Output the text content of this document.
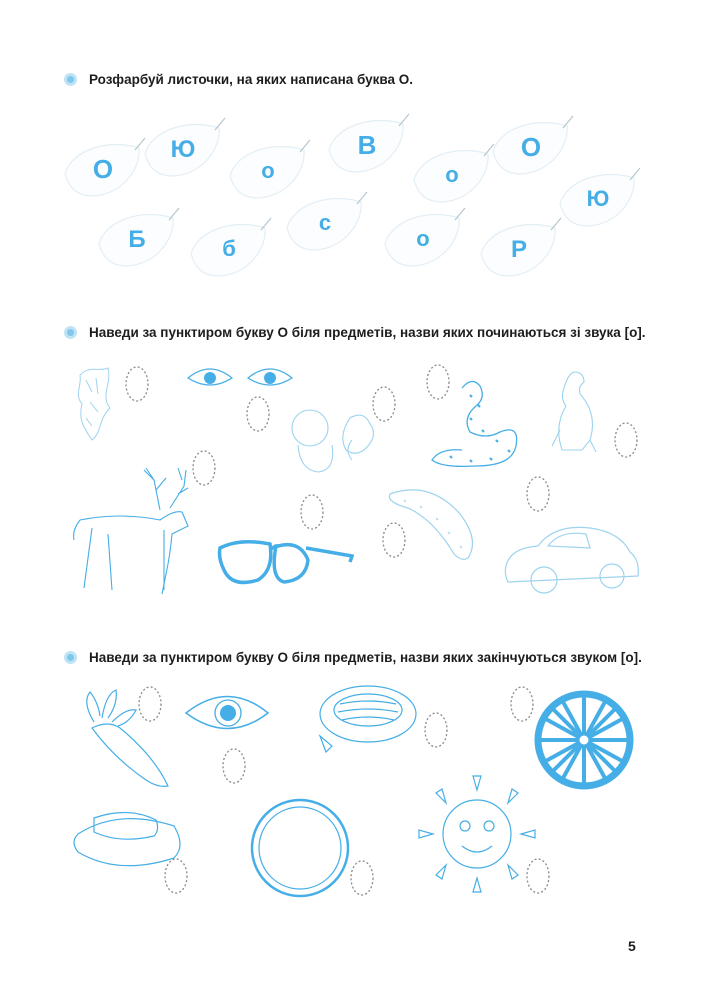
Розфарбуй листочки, на яких написана буква О.
Наведи за пунктиром букву О біля предметів, назви яких починаються зі звука [о].
Наведи за пунктиром букву О біля предметів, назви яких закінчуються звуком [о].
О
Ю
о
В
о
О
Ю
Б	б
с
о	Р
5
